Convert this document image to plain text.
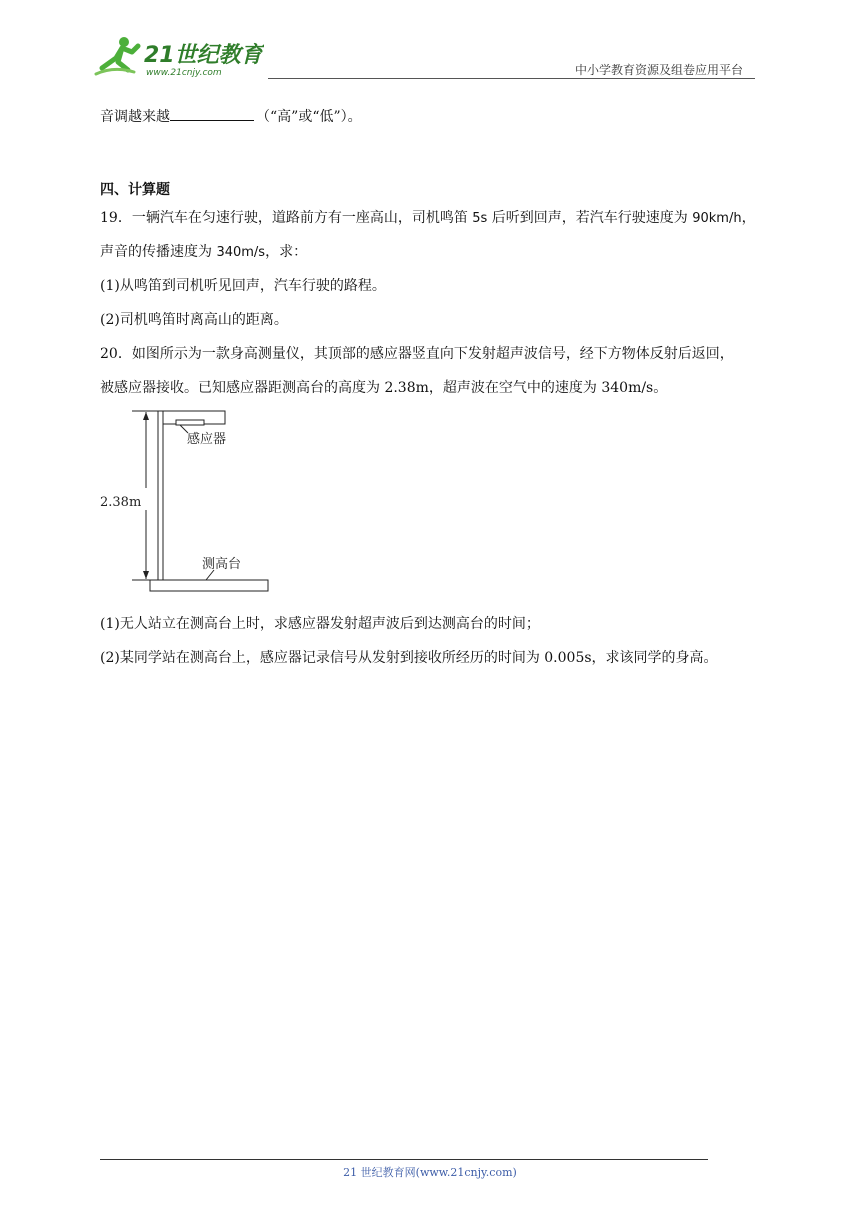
21世纪教育
www.21cnjy.com	中小学教育资源及组卷应用平台
音调越来越	（“高”或“低”）。
四、计算题
19．一辆汽车在匀速行驶，道路前方有一座高山，司机鸣笛 5s 后听到回声，若汽车行驶速度为 90km/h，
声音的传播速度为 340m/s，求：
(1)从鸣笛到司机听见回声，汽车行驶的路程。
(2)司机鸣笛时离高山的距离。
20．如图所示为一款身高测量仪，其顶部的感应器竖直向下发射超声波信号，经下方物体反射后返回，
被感应器接收。已知感应器距测高台的高度为 2.38m，超声波在空气中的速度为 340m/s。
2.38m
感应器
测高台
(1)无人站立在测高台上时，求感应器发射超声波后到达测高台的时间；
(2)某同学站在测高台上，感应器记录信号从发射到接收所经历的时间为 0.005s，求该同学的身高。
21 世纪教育网(www.21cnjy.com)
